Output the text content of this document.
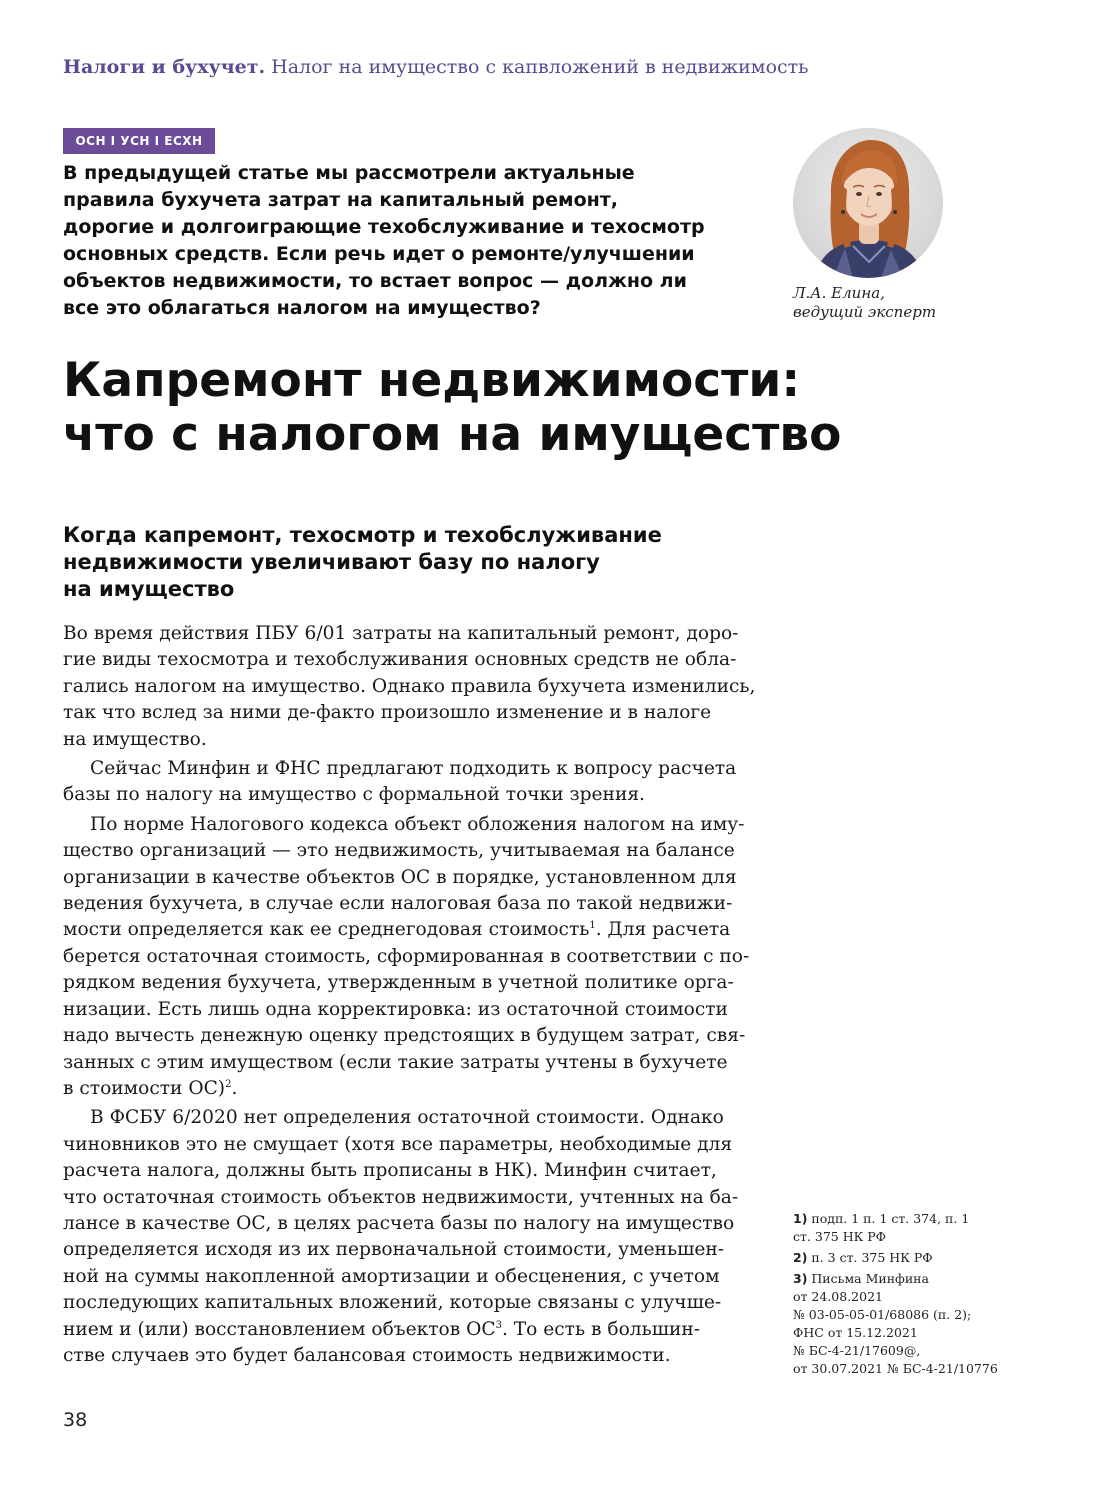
Налоги и бухучет. Налог на имущество с капвложений в недвижимость
ОСН I УСН I ЕСХН
В предыдущей статье мы рассмотрели актуальные
правила бухучета затрат на капитальный ремонт,
дорогие и долгоиграющие техобслуживание и техосмотр
основных средств. Если речь идет о ремонте/улучшении
объектов недвижимости, то встает вопрос — должно ли
все это облагаться налогом на имущество?
Л.А. Елина,
ведущий эксперт
Капремонт недвижимости:
что с налогом на имущество
Когда капремонт, техосмотр и техобслуживание
недвижимости увеличивают базу по налогу
на имущество
Во время действия ПБУ 6/01 затраты на капитальный ремонт, доро-
гие виды техосмотра и техобслуживания основных средств не обла-
гались налогом на имущество. Однако правила бухучета изменились,
так что вслед за ними де-факто произошло изменение и в налоге
на имущество.
Сейчас Минфин и ФНС предлагают подходить к вопросу расчета
базы по налогу на имущество с формальной точки зрения.
По норме Налогового кодекса объект обложения налогом на иму-
щество организаций — это недвижимость, учитываемая на балансе
организации в качестве объектов ОС в порядке, установленном для
ведения бухучета, в случае если налоговая база по такой недвижи-
мости определяется как ее среднегодовая стоимость$^1$. Для расчета
берется остаточная стоимость, сформированная в соответствии с по-
рядком ведения бухучета, утвержденным в учетной политике орга-
низации. Есть лишь одна корректировка: из остаточной стоимости
надо вычесть денежную оценку предстоящих в будущем затрат, свя-
занных с этим имуществом (если такие затраты учтены в бухучете
в стоимости ОС)$^2$.
В ФСБУ 6/2020 нет определения остаточной стоимости. Однако
чиновников это не смущает (хотя все параметры, необходимые для
расчета налога, должны быть прописаны в НК). Минфин считает,
что остаточная стоимость объектов недвижимости, учтенных на ба-
лансе в качестве ОС, в целях расчета базы по налогу на имущество
определяется исходя из их первоначальной стоимости, уменьшен-
ной на суммы накопленной амортизации и обесценения, с учетом
последующих капитальных вложений, которые связаны с улучше-
нием и (или) восстановлением объектов $ОС^3$. То есть в большин-
стве случаев это будет балансовая стоимость недвижимости.
1) подп. 1 п. 1 ст. 374, п. 1
ст. 375 НК РФ
2) п. 3 ст. 375 НК РФ
3) Письма Минфина
от 24.08.2021
№ 03-05-05-01/68086 (п. 2);
ФНС от 15.12.2021
№ БС-4-21/17609@,
от 30.07.2021 № БС-4-21/10776
38
